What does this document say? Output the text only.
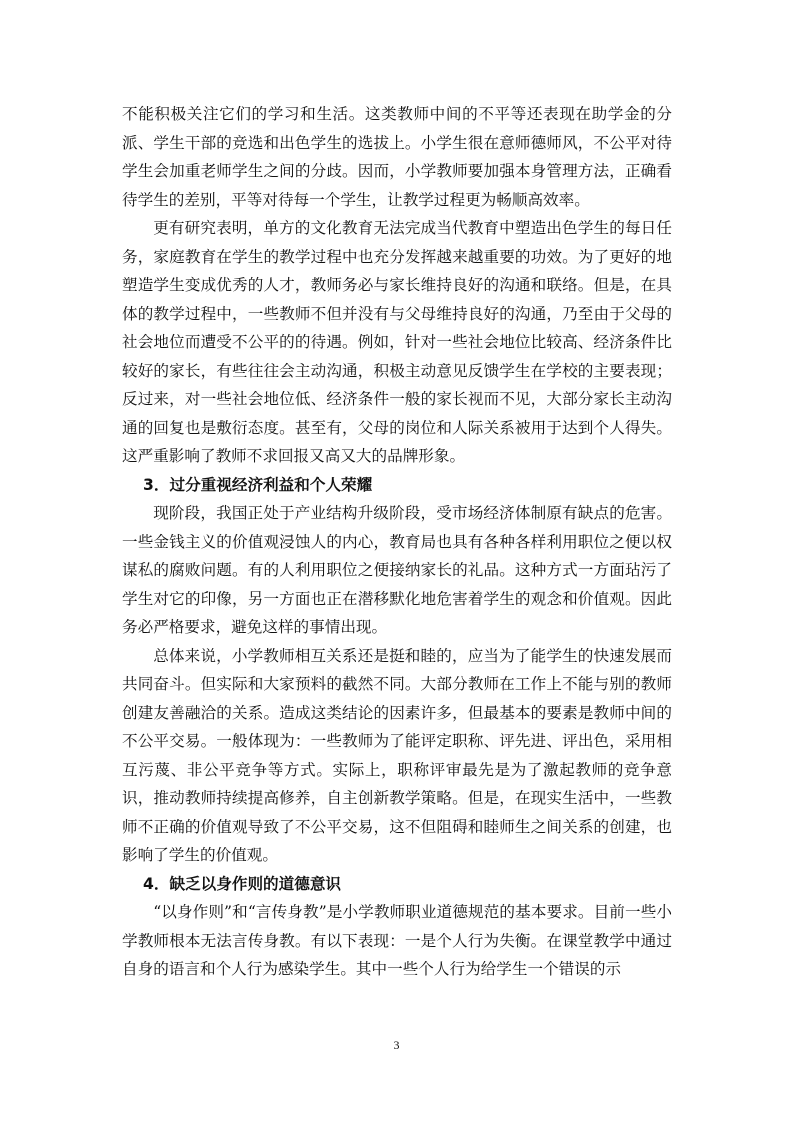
不能积极关注它们的学习和生活。这类教师中间的不平等还表现在助学金的分派、学生干部的竞选和出色学生的选拔上。小学生很在意师德师风，不公平对待学生会加重老师学生之间的分歧。因而，小学教师要加强本身管理方法，正确看待学生的差别，平等对待每一个学生，让教学过程更为畅顺高效率。

更有研究表明，单方的文化教育无法完成当代教育中塑造出色学生的每日任务，家庭教育在学生的教学过程中也充分发挥越来越重要的功效。为了更好的地塑造学生变成优秀的人才，教师务必与家长维持良好的沟通和联络。但是，在具体的教学过程中，一些教师不但并没有与父母维持良好的沟通，乃至由于父母的社会地位而遭受不公平的的待遇。例如，针对一些社会地位比较高、经济条件比较好的家长，有些往往会主动沟通，积极主动意见反馈学生在学校的主要表现；反过来，对一些社会地位低、经济条件一般的家长视而不见，大部分家长主动沟通的回复也是敷衍态度。甚至有，父母的岗位和人际关系被用于达到个人得失。这严重影响了教师不求回报又高又大的品牌形象。

3．过分重视经济利益和个人荣耀

现阶段，我国正处于产业结构升级阶段，受市场经济体制原有缺点的危害。一些金钱主义的价值观浸蚀人的内心，教育局也具有各种各样利用职位之便以权谋私的腐败问题。有的人利用职位之便接纳家长的礼品。这种方式一方面玷污了学生对它的印像，另一方面也正在潜移默化地危害着学生的观念和价值观。因此务必严格要求，避免这样的事情出现。

总体来说，小学教师相互关系还是挺和睦的，应当为了能学生的快速发展而共同奋斗。但实际和大家预料的截然不同。大部分教师在工作上不能与别的教师创建友善融洽的关系。造成这类结论的因素许多，但最基本的要素是教师中间的不公平交易。一般体现为：一些教师为了能评定职称、评先进、评出色，采用相互污蔑、非公平竞争等方式。实际上，职称评审最先是为了激起教师的竞争意识，推动教师持续提高修养，自主创新教学策略。但是，在现实生活中，一些教师不正确的价值观导致了不公平交易，这不但阻碍和睦师生之间关系的创建，也影响了学生的价值观。

4．缺乏以身作则的道德意识

“以身作则”和“言传身教”是小学教师职业道德规范的基本要求。目前一些小学教师根本无法言传身教。有以下表现：一是个人行为失衡。在课堂教学中通过自身的语言和个人行为感染学生。其中一些个人行为给学生一个错误的示

3
